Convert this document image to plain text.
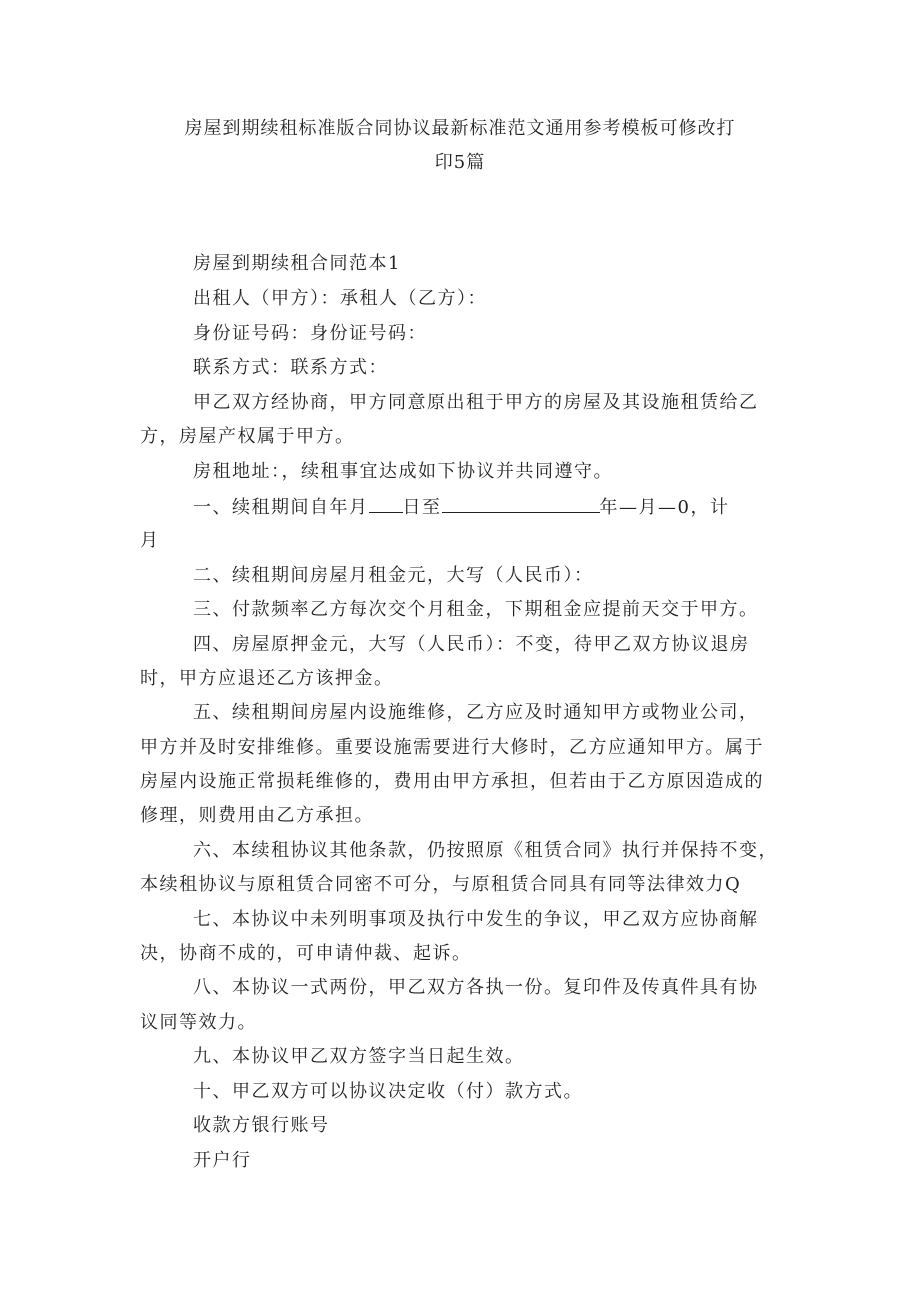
房屋到期续租标准版合同协议最新标准范文通用参考模板可修改打
印5篇
房屋到期续租合同范本1
出租人（甲方）：承租人（乙方）：
身份证号码：身份证号码：
联系方式：联系方式：
甲乙双方经协商，甲方同意原出租于甲方的房屋及其设施租赁给乙
方，房屋产权属于甲方。
房租地址：，续租事宜达成如下协议并共同遵守。
一、续租期间自年月 日至	年—月—0，计
月
二、续租期间房屋月租金元，大写（人民币）：
三、付款频率乙方每次交个月租金，下期租金应提前天交于甲方。
四、房屋原押金元，大写（人民币）：不变，待甲乙双方协议退房
时，甲方应退还乙方该押金。
五、续租期间房屋内设施维修，乙方应及时通知甲方或物业公司，
甲方并及时安排维修。重要设施需要进行大修时，乙方应通知甲方。属于
房屋内设施正常损耗维修的，费用由甲方承担，但若由于乙方原因造成的
修理，则费用由乙方承担。
六、本续租协议其他条款，仍按照原《租赁合同》执行并保持不变，
本续租协议与原租赁合同密不可分，与原租赁合同具有同等法律效力Q
七、本协议中未列明事项及执行中发生的争议，甲乙双方应协商解
决，协商不成的，可申请仲裁、起诉。
八、本协议一式两份，甲乙双方各执一份。复印件及传真件具有协
议同等效力。
九、本协议甲乙双方签字当日起生效。
十、甲乙双方可以协议决定收（付）款方式。
收款方银行账号
开户行
